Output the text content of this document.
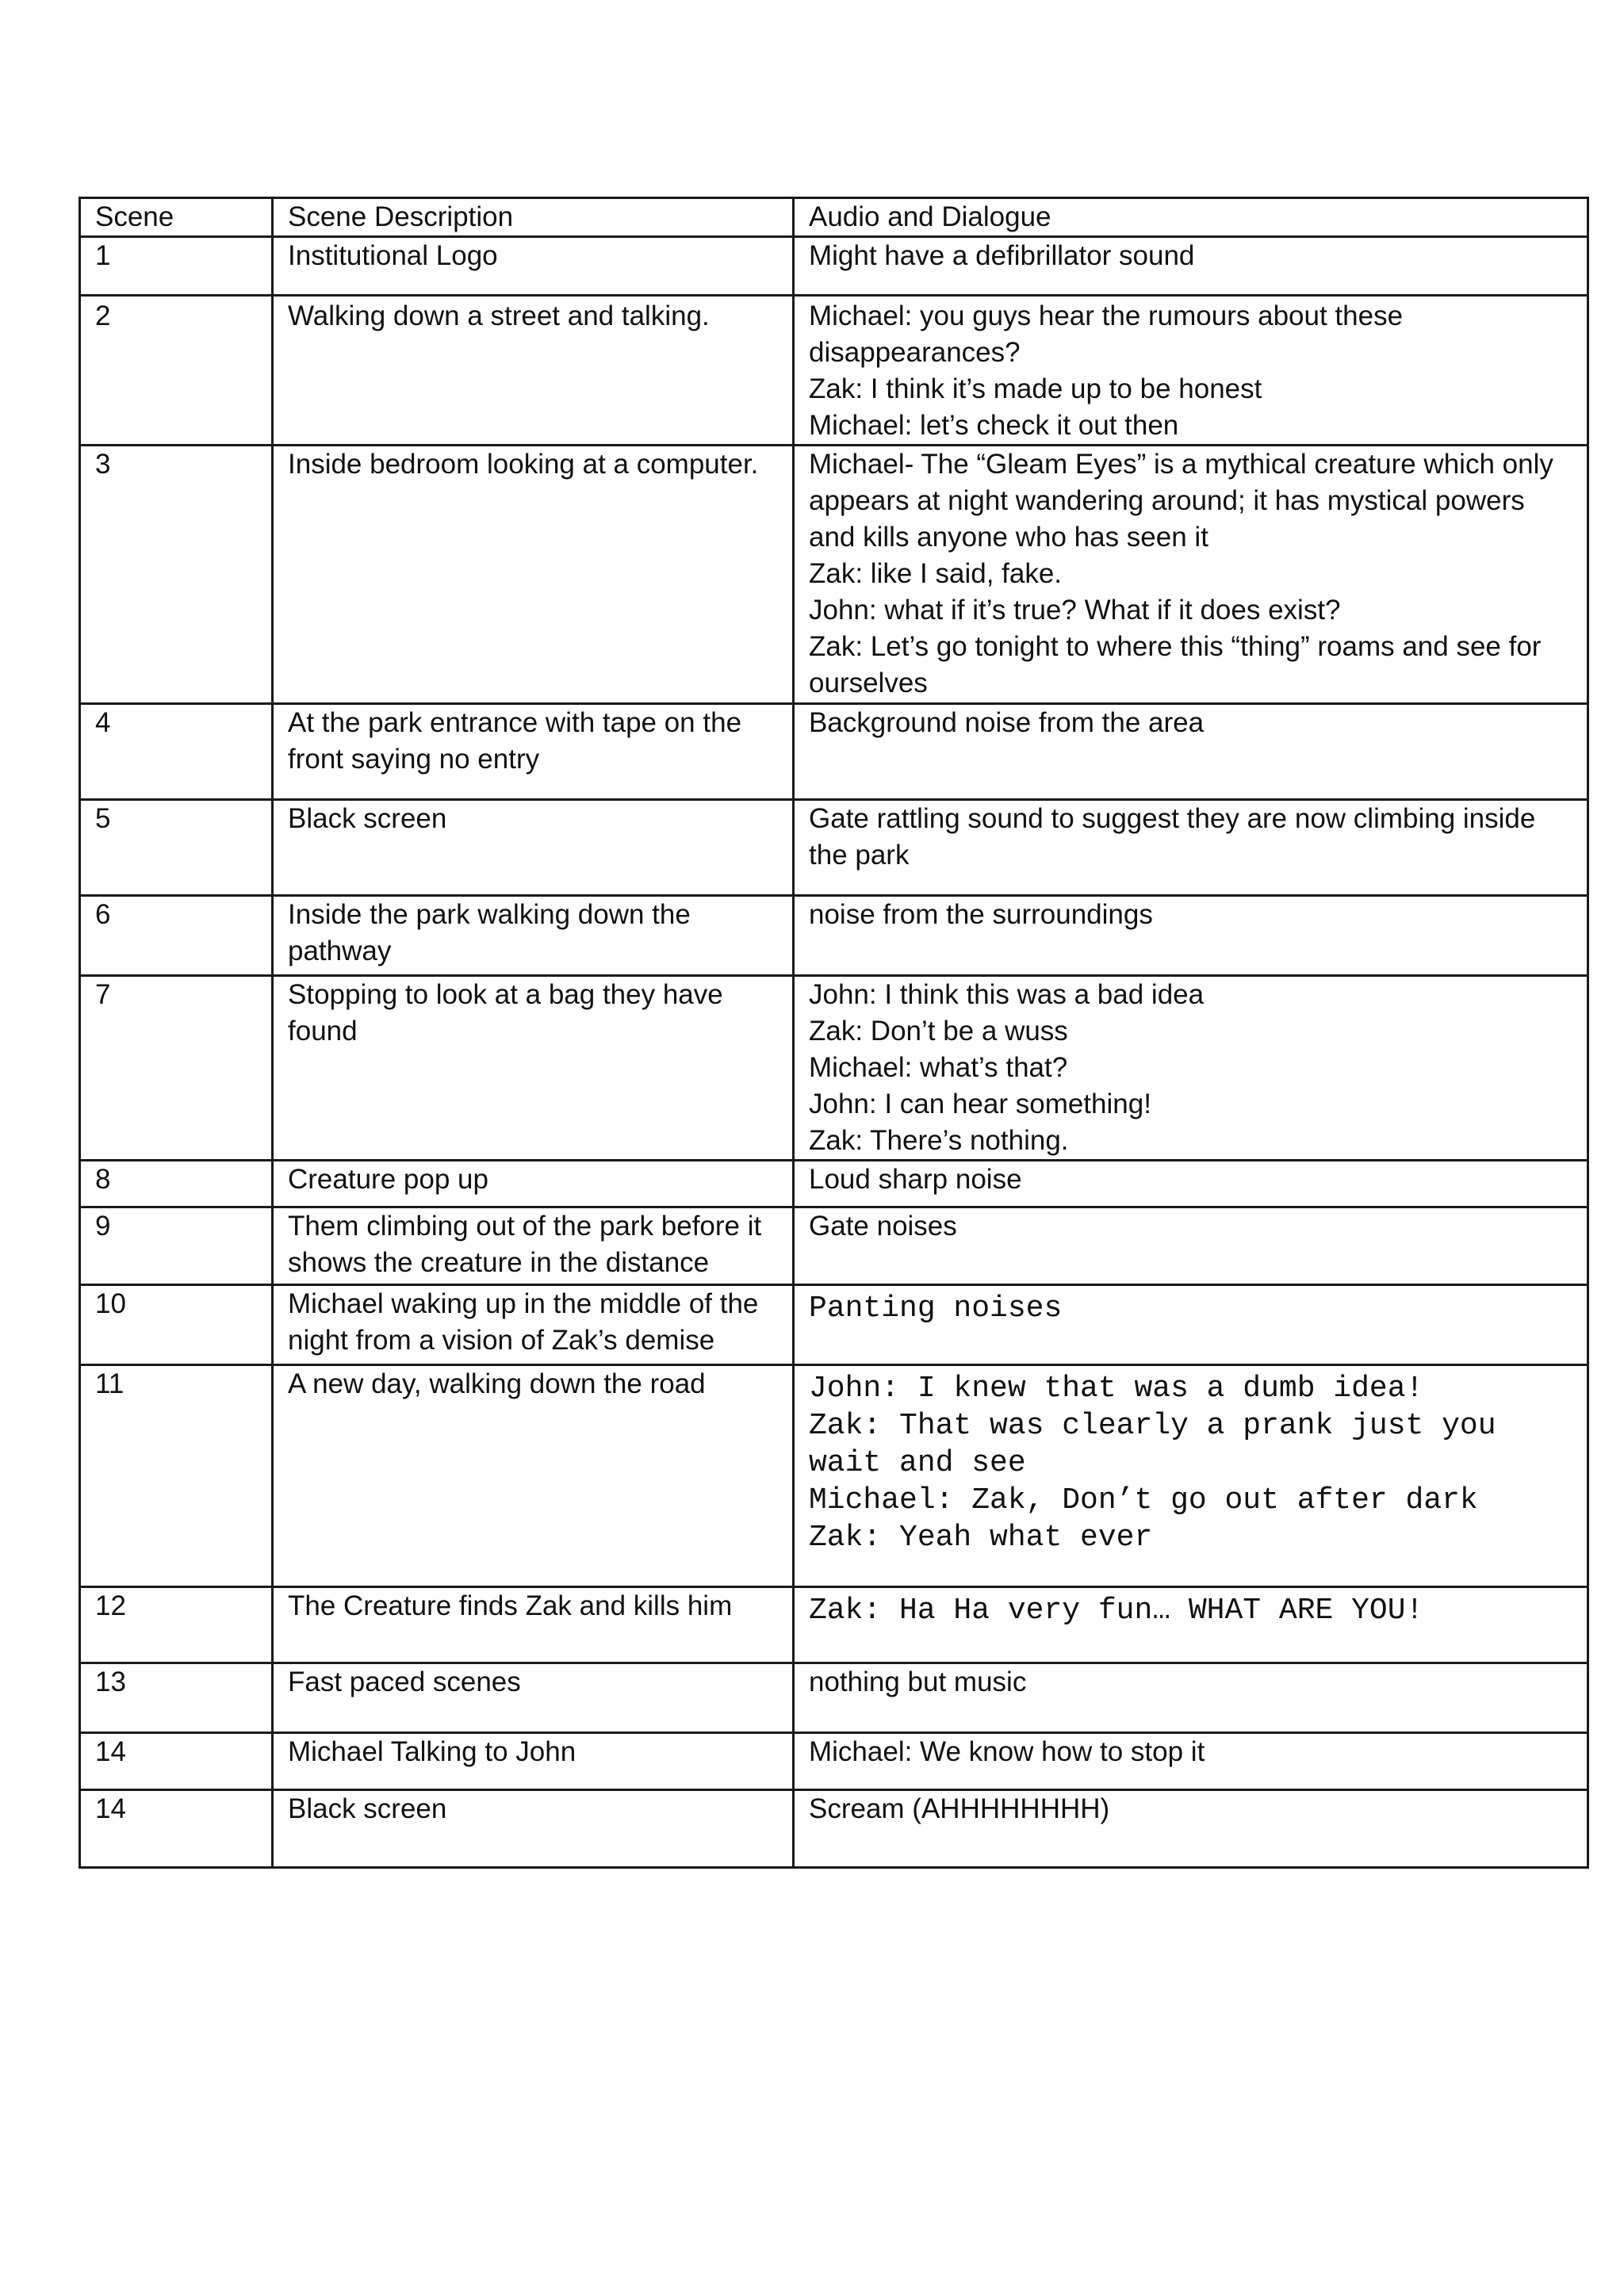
Scene	Scene Description	Audio and Dialogue
1	Institutional Logo	Might have a defibrillator sound
2	Walking down a street and talking.	Michael: you guys hear the rumours about these disappearances?
Zak: I think it’s made up to be honest
Michael: let’s check it out then
3	Inside bedroom looking at a computer.	Michael- The “Gleam Eyes” is a mythical creature which only appears at night wandering around; it has mystical powers and kills anyone who has seen it
Zak: like I said, fake.
John: what if it’s true? What if it does exist?
Zak: Let’s go tonight to where this “thing” roams and see for ourselves
4	At the park entrance with tape on the front saying no entry	Background noise from the area
5	Black screen	Gate rattling sound to suggest they are now climbing inside the park
6	Inside the park walking down the pathway	noise from the surroundings
7	Stopping to look at a bag they have found	John: I think this was a bad idea
Zak: Don’t be a wuss
Michael: what’s that?
John: I can hear something!
Zak: There’s nothing.
8	Creature pop up	Loud sharp noise
9	Them climbing out of the park before it shows the creature in the distance	Gate noises
10	Michael waking up in the middle of the night from a vision of Zak’s demise	Panting noises
11	A new day, walking down the road	John: I knew that was a dumb idea!
Zak: That was clearly a prank just you wait and see
Michael: Zak, Don’t go out after dark
Zak: Yeah what ever
12	The Creature finds Zak and kills him	Zak: Ha Ha very fun… WHAT ARE YOU!
13	Fast paced scenes	nothing but music
14	Michael Talking to John	Michael: We know how to stop it
14	Black screen	Scream (AHHHHHHHH)
